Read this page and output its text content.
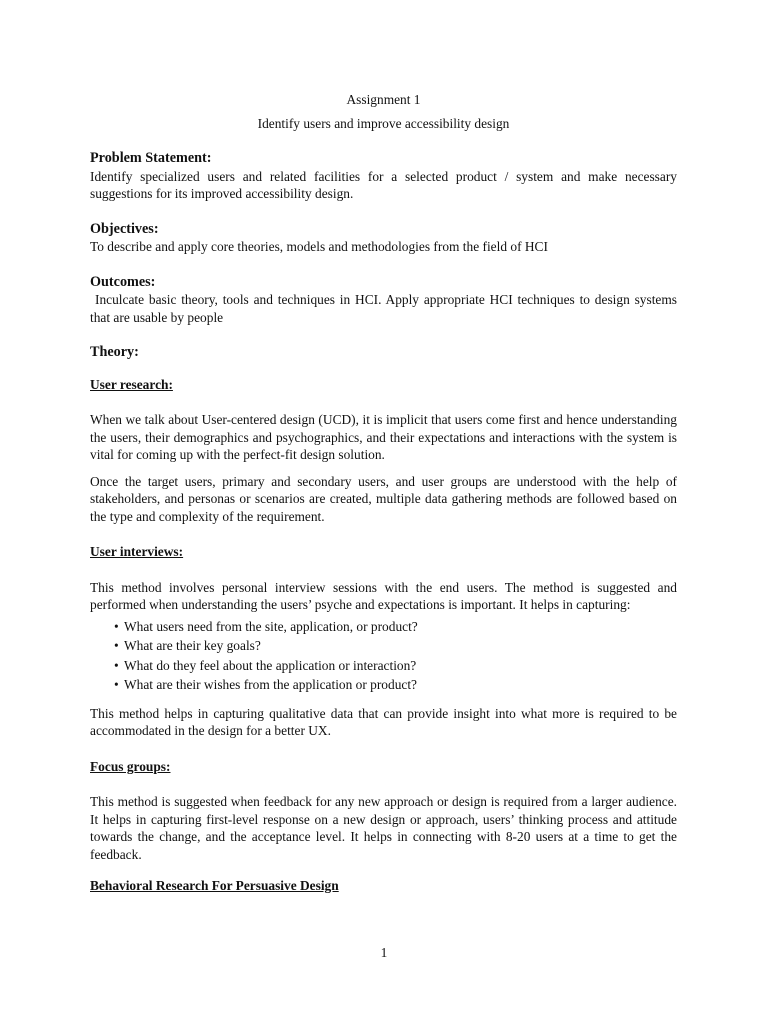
Assignment 1

Identify users and improve accessibility design

Problem Statement:

Identify specialized users and related facilities for a selected product / system and make necessary suggestions for its improved accessibility design.

Objectives:

To describe and apply core theories, models and methodologies from the field of HCI

Outcomes:

Inculcate basic theory, tools and techniques in HCI. Apply appropriate HCI techniques to design systems that are usable by people

Theory:

User research:

When we talk about User-centered design (UCD), it is implicit that users come first and hence understanding the users, their demographics and psychographics, and their expectations and interactions with the system is vital for coming up with the perfect-fit design solution.

Once the target users, primary and secondary users, and user groups are understood with the help of stakeholders, and personas or scenarios are created, multiple data gathering methods are followed based on the type and complexity of the requirement.

User interviews:

This method involves personal interview sessions with the end users. The method is suggested and performed when understanding the users’ psyche and expectations is important. It helps in capturing:

• What users need from the site, application, or product?
• What are their key goals?
• What do they feel about the application or interaction?
• What are their wishes from the application or product?

This method helps in capturing qualitative data that can provide insight into what more is required to be accommodated in the design for a better UX.

Focus groups:

This method is suggested when feedback for any new approach or design is required from a larger audience. It helps in capturing first-level response on a new design or approach, users’ thinking process and attitude towards the change, and the acceptance level. It helps in connecting with 8-20 users at a time to get the feedback.

Behavioral Research For Persuasive Design

1
